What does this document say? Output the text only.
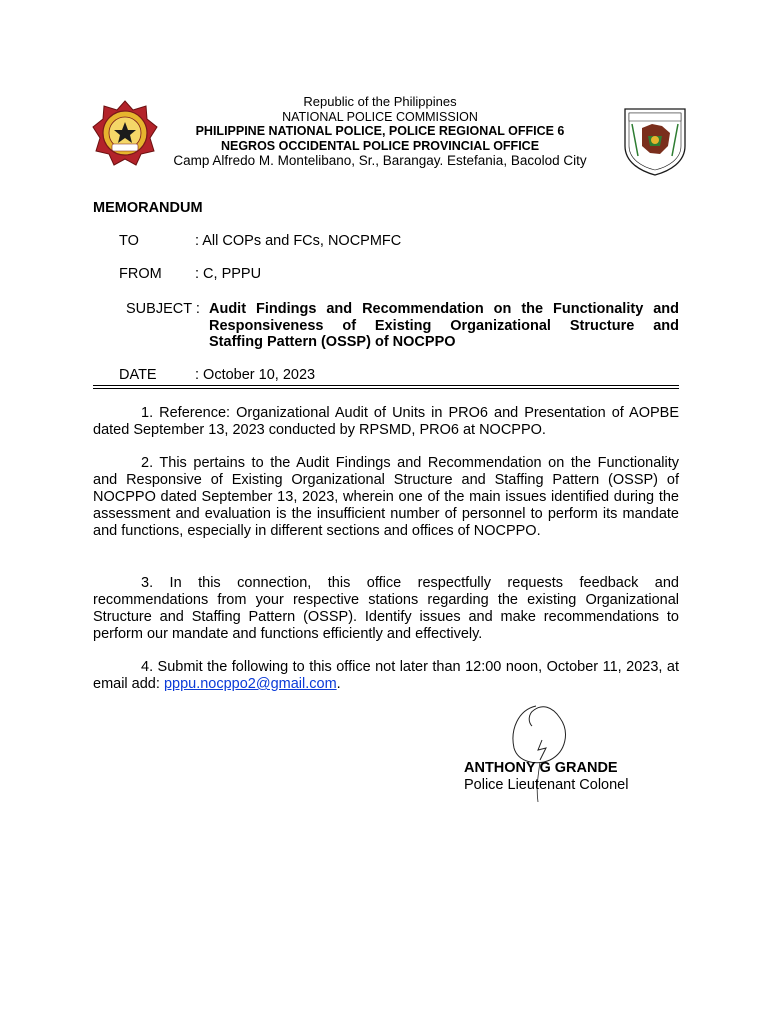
Republic of the Philippines
NATIONAL POLICE COMMISSION
PHILIPPINE NATIONAL POLICE, POLICE REGIONAL OFFICE 6
NEGROS OCCIDENTAL POLICE PROVINCIAL OFFICE
Camp Alfredo M. Montelibano, Sr., Barangay. Estefania, Bacolod City
MEMORANDUM
TO	: All COPs and FCs, NOCPMFC
FROM : C, PPPU
SUBJECT : Audit Findings and Recommendation on the Functionality and
Responsiveness of Existing Organizational Structure and
Staffing Pattern (OSSP) of NOCPPO
DATE	: October 10, 2023
1. Reference: Organizational Audit of Units in PRO6 and Presentation of AOPBE dated September 13, 2023 conducted by RPSMD, PRO6 at NOCPPO.
2. This pertains to the Audit Findings and Recommendation on the Functionality and Responsive of Existing Organizational Structure and Staffing Pattern (OSSP) of NOCPPO dated September 13, 2023, wherein one of the main issues identified during the assessment and evaluation is the insufficient number of personnel to perform its mandate and functions, especially in different sections and offices of NOCPPO.
3. In this connection, this office respectfully requests feedback and recommendations from your respective stations regarding the existing Organizational Structure and Staffing Pattern (OSSP). Identify issues and make recommendations to perform our mandate and functions efficiently and effectively.
4. Submit the following to this office not later than 12:00 noon, October 11, 2023, at email add: pppu.nocppo2@gmail.com.
ANTHONY G GRANDE
Police Lieutenant Colonel
